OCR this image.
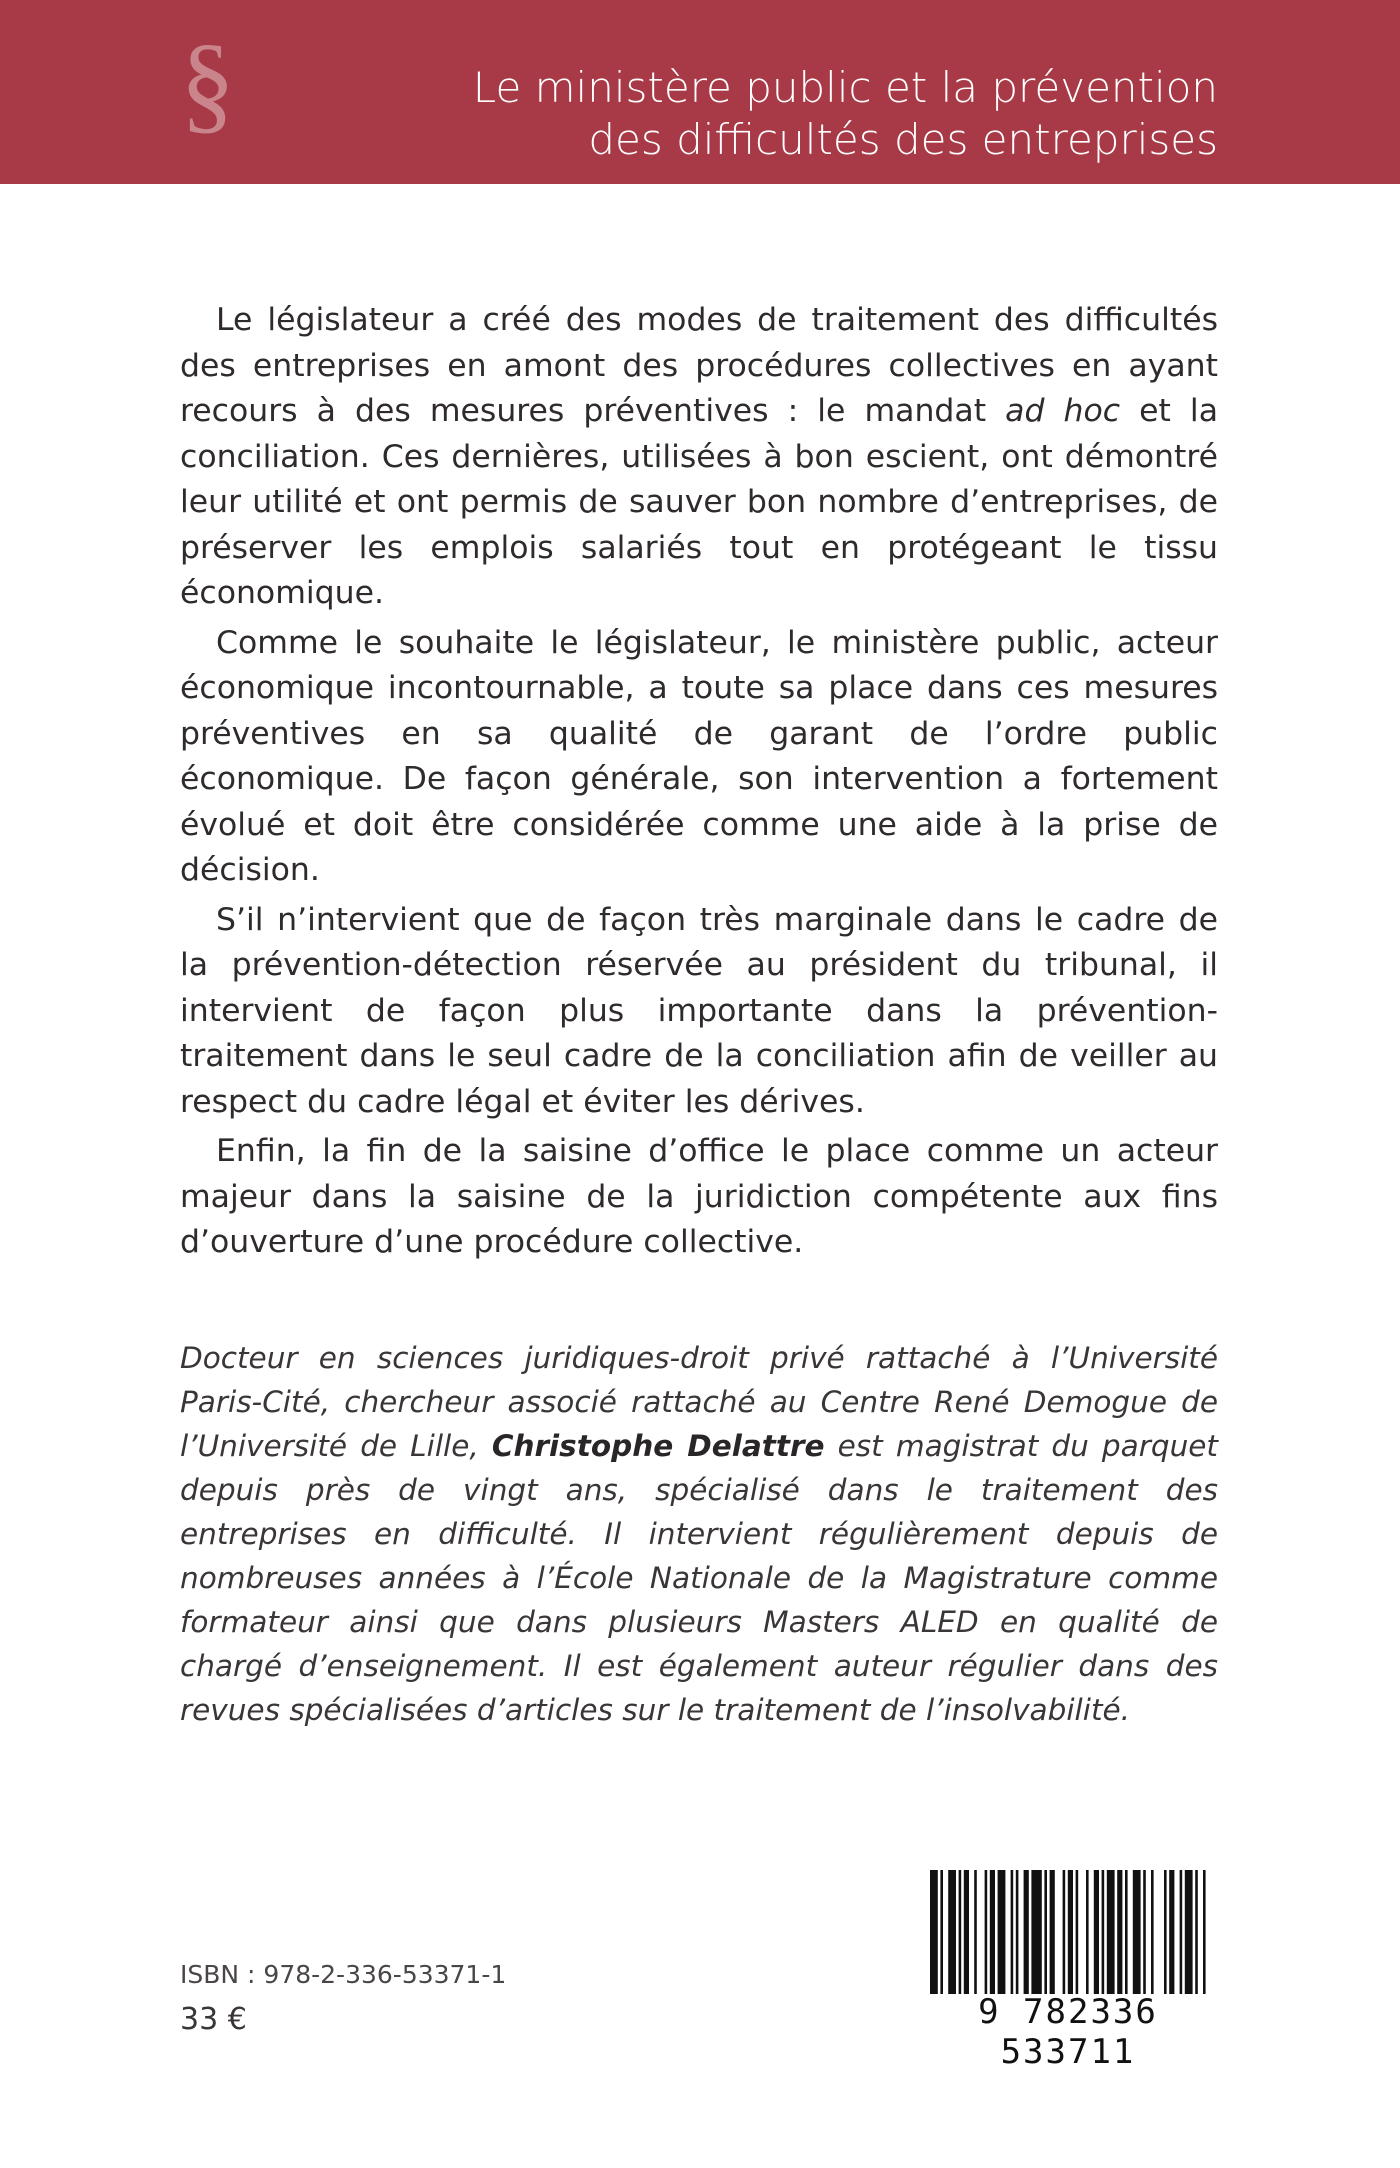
§	Le ministère public et la prévention
des difficultés des entreprises

Le législateur a créé des modes de traitement des difficultés des entreprises en amont des procédures collectives en ayant recours à des mesures préventives : le mandat ad hoc et la conciliation. Ces dernières, utilisées à bon escient, ont démontré leur utilité et ont permis de sauver bon nombre d’entreprises, de préserver les emplois salariés tout en protégeant le tissu économique.

Comme le souhaite le législateur, le ministère public, acteur économique incontournable, a toute sa place dans ces mesures préventives en sa qualité de garant de l’ordre public économique. De façon générale, son intervention a fortement évolué et doit être considérée comme une aide à la prise de décision.

S’il n’intervient que de façon très marginale dans le cadre de la prévention-détection réservée au président du tribunal, il intervient de façon plus importante dans la prévention-traitement dans le seul cadre de la conciliation afin de veiller au respect du cadre légal et éviter les dérives.

Enfin, la fin de la saisine d’office le place comme un acteur majeur dans la saisine de la juridiction compétente aux fins d’ouverture d’une procédure collective.

Docteur en sciences juridiques-droit privé rattaché à l’Université Paris-Cité, chercheur associé rattaché au Centre René Demogue de l’Université de Lille, Christophe Delattre est magistrat du parquet depuis près de vingt ans, spécialisé dans le traitement des entreprises en difficulté. Il intervient régulièrement depuis de nombreuses années à l’École Nationale de la Magistrature comme formateur ainsi que dans plusieurs Masters ALED en qualité de chargé d’enseignement. Il est également auteur régulier dans des revues spécialisées d’articles sur le traitement de l’insolvabilité.

ISBN : 978-2-336-53371-1
33 €	9 782336 533711
